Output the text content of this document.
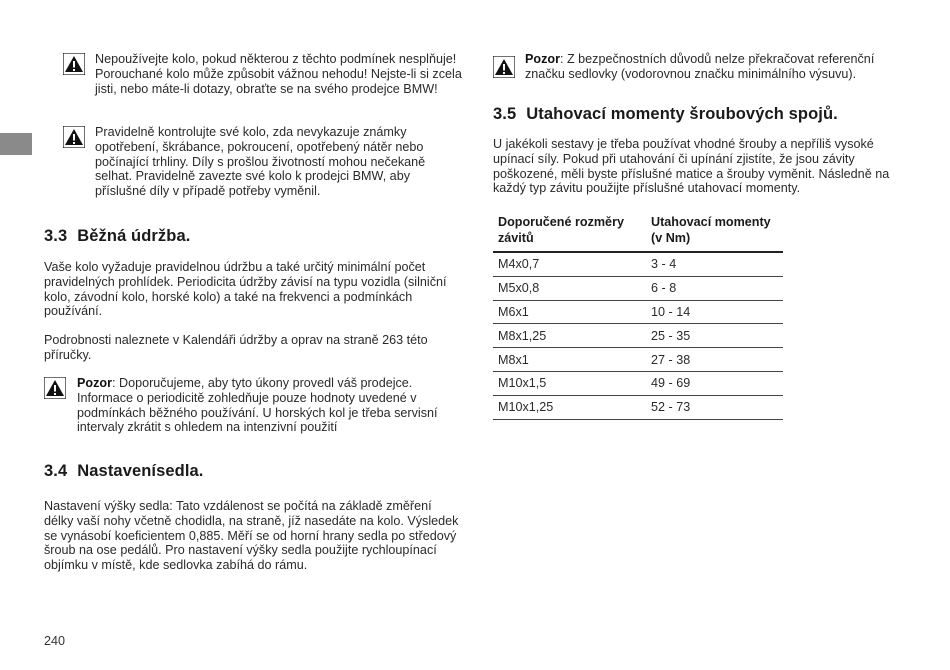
Nepoužívejte kolo, pokud některou z těchto podmínek nesplňuje! Porouchané kolo může způsobit vážnou nehodu! Nejste-li si zcela jisti, nebo máte-li dotazy, obraťte se na svého prodejce BMW!
Pravidelně kontrolujte své kolo, zda nevykazuje známky opotřebení, škrábance, pokroucení, opotřebený nátěr nebo počínající trhliny. Díly s prošlou životností mohou nečekaně selhat. Pravidelně zavezte své kolo k prodejci BMW, aby příslušné díly v případě potřeby vyměnil.
3.3 Běžná údržba.

Vaše kolo vyžaduje pravidelnou údržbu a také určitý minimální počet pravidelných prohlídek. Periodicita údržby závisí na typu vozidla (silniční kolo, závodní kolo, horské kolo) a také na frekvenci a podmínkách používání.

Podrobnosti naleznete v Kalendáři údržby a oprav na straně 263 této příručky.

Pozor: Doporučujeme, aby tyto úkony provedl váš prodejce. Informace o periodicitě zohledňuje pouze hodnoty uvedené v podmínkách běžného používání. U horských kol je třeba servisní intervaly zkrátit s ohledem na intenzivní použití
3.4 Nastavenísedla.

Nastavení výšky sedla: Tato vzdálenost se počítá na základě změření délky vaší nohy včetně chodidla, na straně, jíž nasedáte na kolo. Výsledek se vynásobí koeficientem 0,885. Měří se od horní hrany sedla po středový šroub na ose pedálů. Pro nastavení výšky sedla použijte rychloupínací objímku v místě, kde sedlovka zabíhá do rámu.

240
Pozor: Z bezpečnostních důvodů nelze překračovat referenční značku sedlovky (vodorovnou značku minimálního výsuvu).
3.5 Utahovací momenty šroubových spojů.

U jakékoli sestavy je třeba používat vhodné šrouby a nepříliš vysoké upínací síly. Pokud při utahování či upínání zjistíte, že jsou závity poškozené, měli byste příslušné matice a šrouby vyměnit. Následně na každý typ závitu použijte příslušné utahovací momenty.

Doporučené rozměry závitů	Utahovací momenty (v Nm)
M4x0,7	3 - 4
M5x0,8	6 - 8
M6x1	10 - 14
M8x1,25	25 - 35
M8x1	27 - 38
M10x1,5	49 - 69
M10x1,25	52 - 73
